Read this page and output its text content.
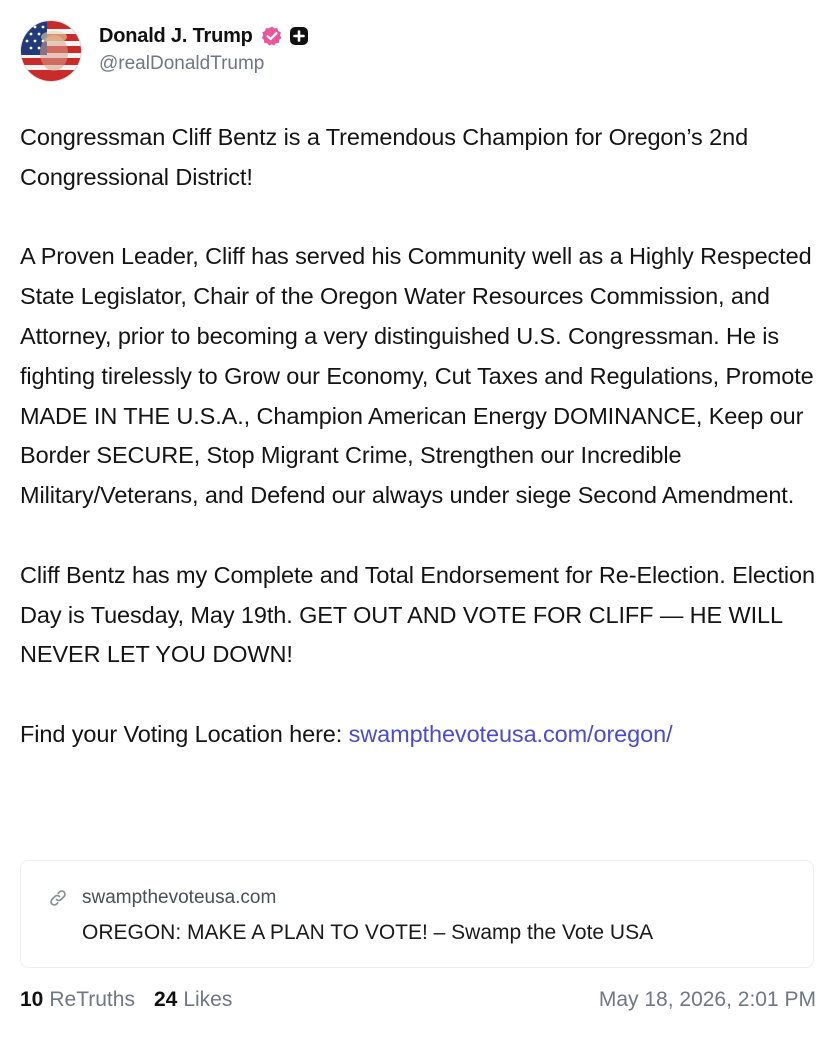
Donald J. Trump
@realDonaldTrump

Congressman Cliff Bentz is a Tremendous Champion for Oregon’s 2nd Congressional District!

A Proven Leader, Cliff has served his Community well as a Highly Respected State Legislator, Chair of the Oregon Water Resources Commission, and Attorney, prior to becoming a very distinguished U.S. Congressman. He is fighting tirelessly to Grow our Economy, Cut Taxes and Regulations, Promote MADE IN THE U.S.A., Champion American Energy DOMINANCE, Keep our Border SECURE, Stop Migrant Crime, Strengthen our Incredible Military/Veterans, and Defend our always under siege Second Amendment.

Cliff Bentz has my Complete and Total Endorsement for Re-Election. Election Day is Tuesday, May 19th. GET OUT AND VOTE FOR CLIFF — HE WILL NEVER LET YOU DOWN!

Find your Voting Location here: swampthevoteusa.com/oregon/

swampthevoteusa.com
OREGON: MAKE A PLAN TO VOTE! – Swamp the Vote USA
10 ReTruths 24 Likes	May 18, 2026, 2:01 PM
